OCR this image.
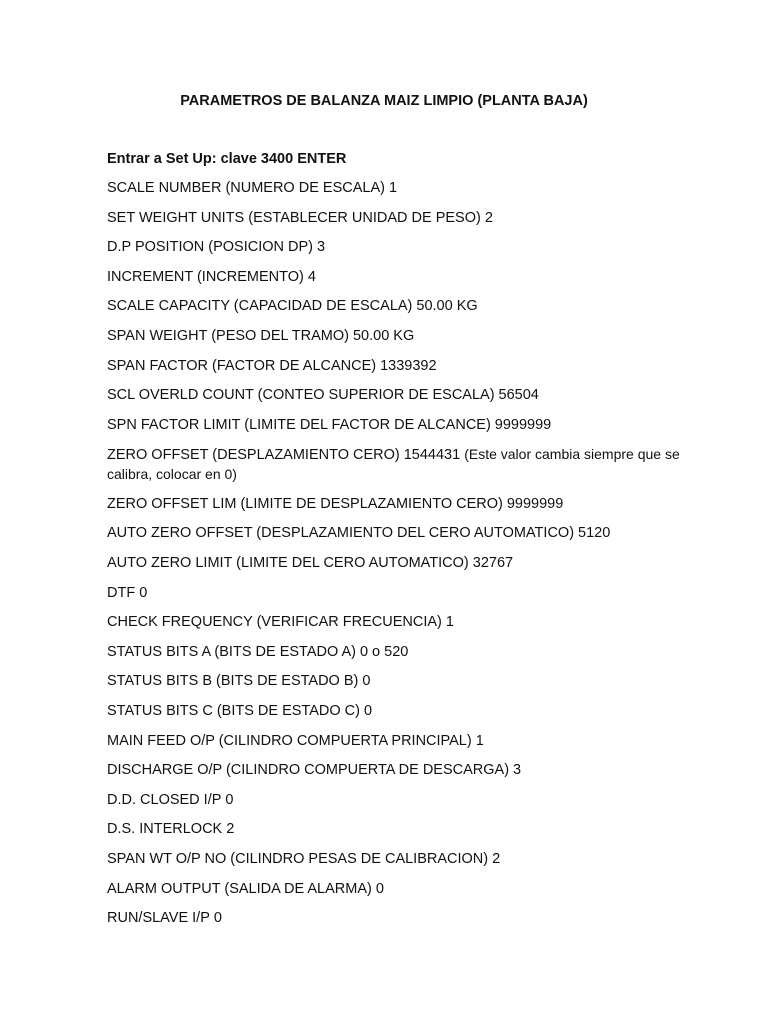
PARAMETROS DE BALANZA MAIZ LIMPIO (PLANTA BAJA)
Entrar a Set Up: clave 3400 ENTER
SCALE NUMBER (NUMERO DE ESCALA) 1
SET WEIGHT UNITS (ESTABLECER UNIDAD DE PESO) 2
D.P POSITION (POSICION DP) 3
INCREMENT (INCREMENTO) 4
SCALE CAPACITY (CAPACIDAD DE ESCALA) 50.00 KG
SPAN WEIGHT (PESO DEL TRAMO) 50.00 KG
SPAN FACTOR (FACTOR DE ALCANCE) 1339392
SCL OVERLD COUNT (CONTEO SUPERIOR DE ESCALA) 56504
SPN FACTOR LIMIT (LIMITE DEL FACTOR DE ALCANCE) 9999999
ZERO OFFSET (DESPLAZAMIENTO CERO) 1544431 (Este valor cambia siempre que se calibra, colocar en 0)
ZERO OFFSET LIM (LIMITE DE DESPLAZAMIENTO CERO) 9999999
AUTO ZERO OFFSET (DESPLAZAMIENTO DEL CERO AUTOMATICO) 5120
AUTO ZERO LIMIT (LIMITE DEL CERO AUTOMATICO) 32767
DTF 0
CHECK FREQUENCY (VERIFICAR FRECUENCIA) 1
STATUS BITS A (BITS DE ESTADO A) 0 o 520
STATUS BITS B (BITS DE ESTADO B) 0
STATUS BITS C (BITS DE ESTADO C) 0
MAIN FEED O/P (CILINDRO COMPUERTA PRINCIPAL) 1
DISCHARGE O/P (CILINDRO COMPUERTA DE DESCARGA) 3
D.D. CLOSED I/P 0
D.S. INTERLOCK 2
SPAN WT O/P NO (CILINDRO PESAS DE CALIBRACION) 2
ALARM OUTPUT (SALIDA DE ALARMA) 0
RUN/SLAVE I/P 0
